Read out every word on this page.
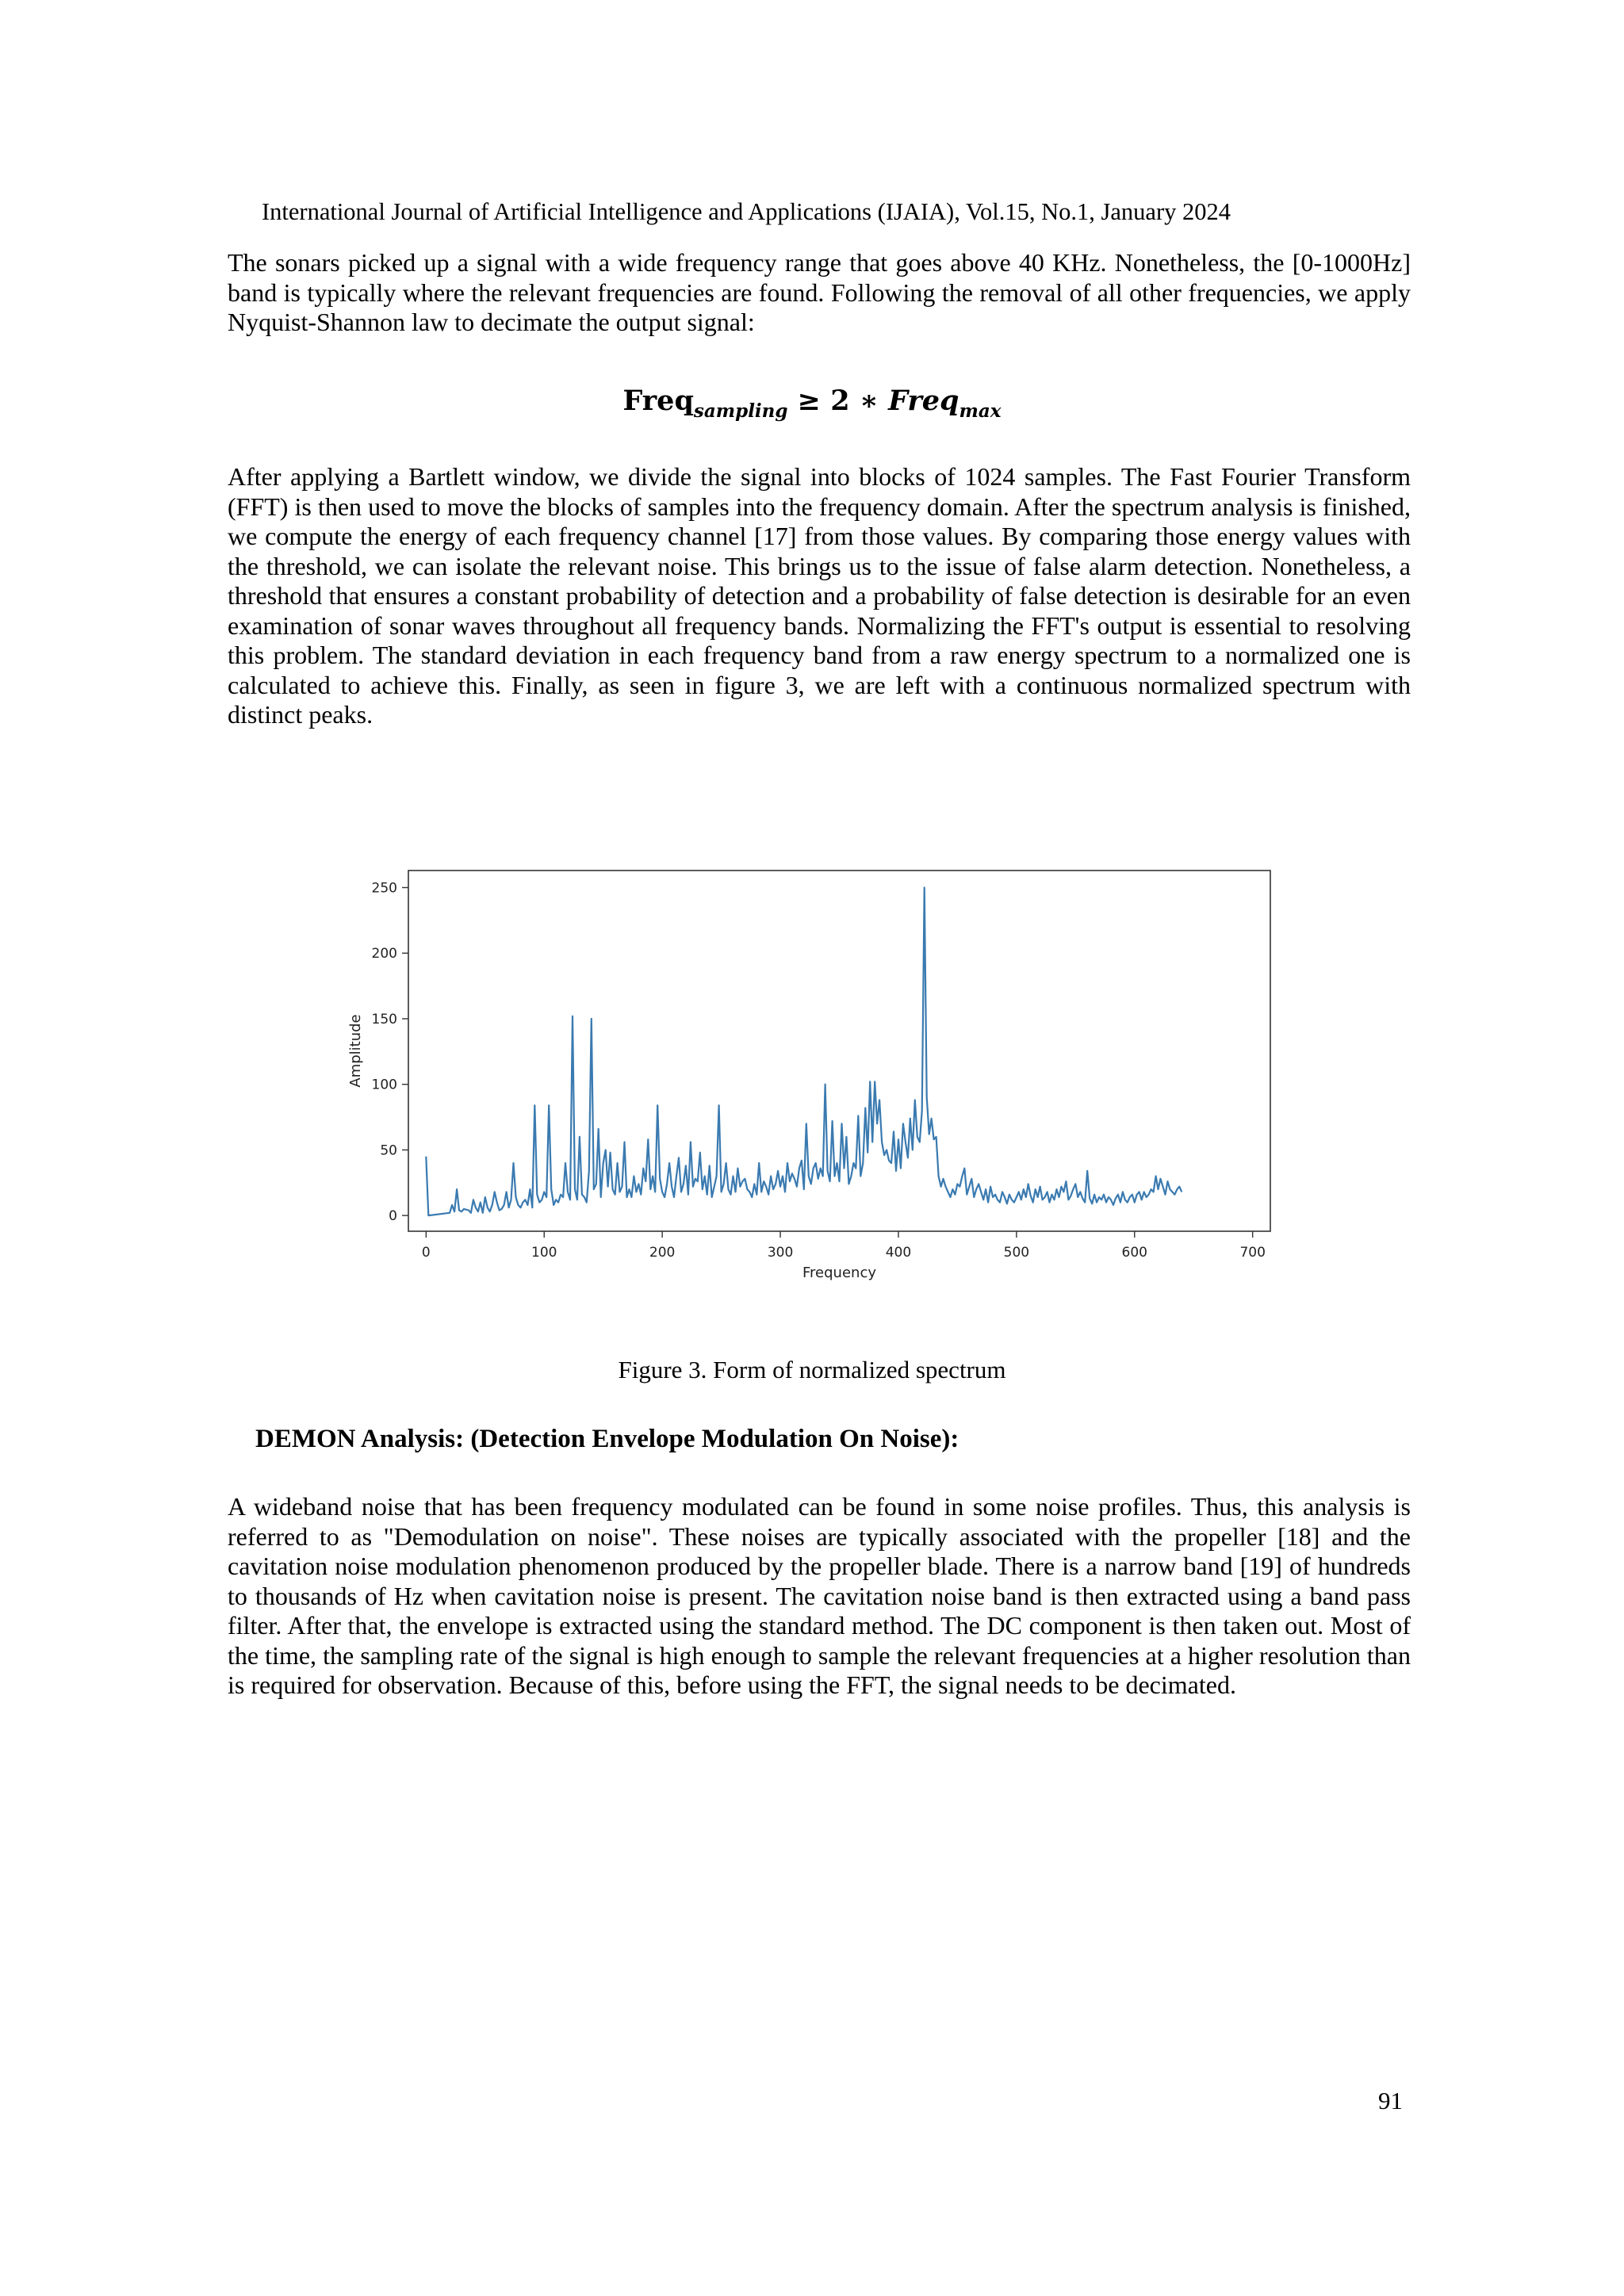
International Journal of Artificial Intelligence and Applications (IJAIA), Vol.15, No.1, January 2024

The sonars picked up a signal with a wide frequency range that goes above 40 KHz. Nonetheless, the [0-1000Hz] band is typically where the relevant frequencies are found. Following the removal of all other frequencies, we apply Nyquist-Shannon law to decimate the output signal:

Freq$_{sampling}$ ≥ 2 ∗ Freq$_{max}$

After applying a Bartlett window, we divide the signal into blocks of 1024 samples. The Fast Fourier Transform (FFT) is then used to move the blocks of samples into the frequency domain. After the spectrum analysis is finished, we compute the energy of each frequency channel [17] from those values. By comparing those energy values with the threshold, we can isolate the relevant noise. This brings us to the issue of false alarm detection. Nonetheless, a threshold that ensures a constant probability of detection and a probability of false detection is desirable for an even examination of sonar waves throughout all frequency bands. Normalizing the FFT's output is essential to resolving this problem. The standard deviation in each frequency band from a raw energy spectrum to a normalized one is calculated to achieve this. Finally, as seen in figure 3, we are left with a continuous normalized spectrum with distinct peaks.

0	100	200	300	400	500	600	700
0
50
100
150
200
250
Frequency
Amplitude
Figure 3. Form of normalized spectrum
DEMON Analysis: (Detection Envelope Modulation On Noise):

A wideband noise that has been frequency modulated can be found in some noise profiles. Thus, this analysis is referred to as "Demodulation on noise". These noises are typically associated with the propeller [18] and the cavitation noise modulation phenomenon produced by the propeller blade. There is a narrow band [19] of hundreds to thousands of Hz when cavitation noise is present. The cavitation noise band is then extracted using a band pass filter. After that, the envelope is extracted using the standard method. The DC component is then taken out. Most of the time, the sampling rate of the signal is high enough to sample the relevant frequencies at a higher resolution than is required for observation. Because of this, before using the FFT, the signal needs to be decimated.

91
